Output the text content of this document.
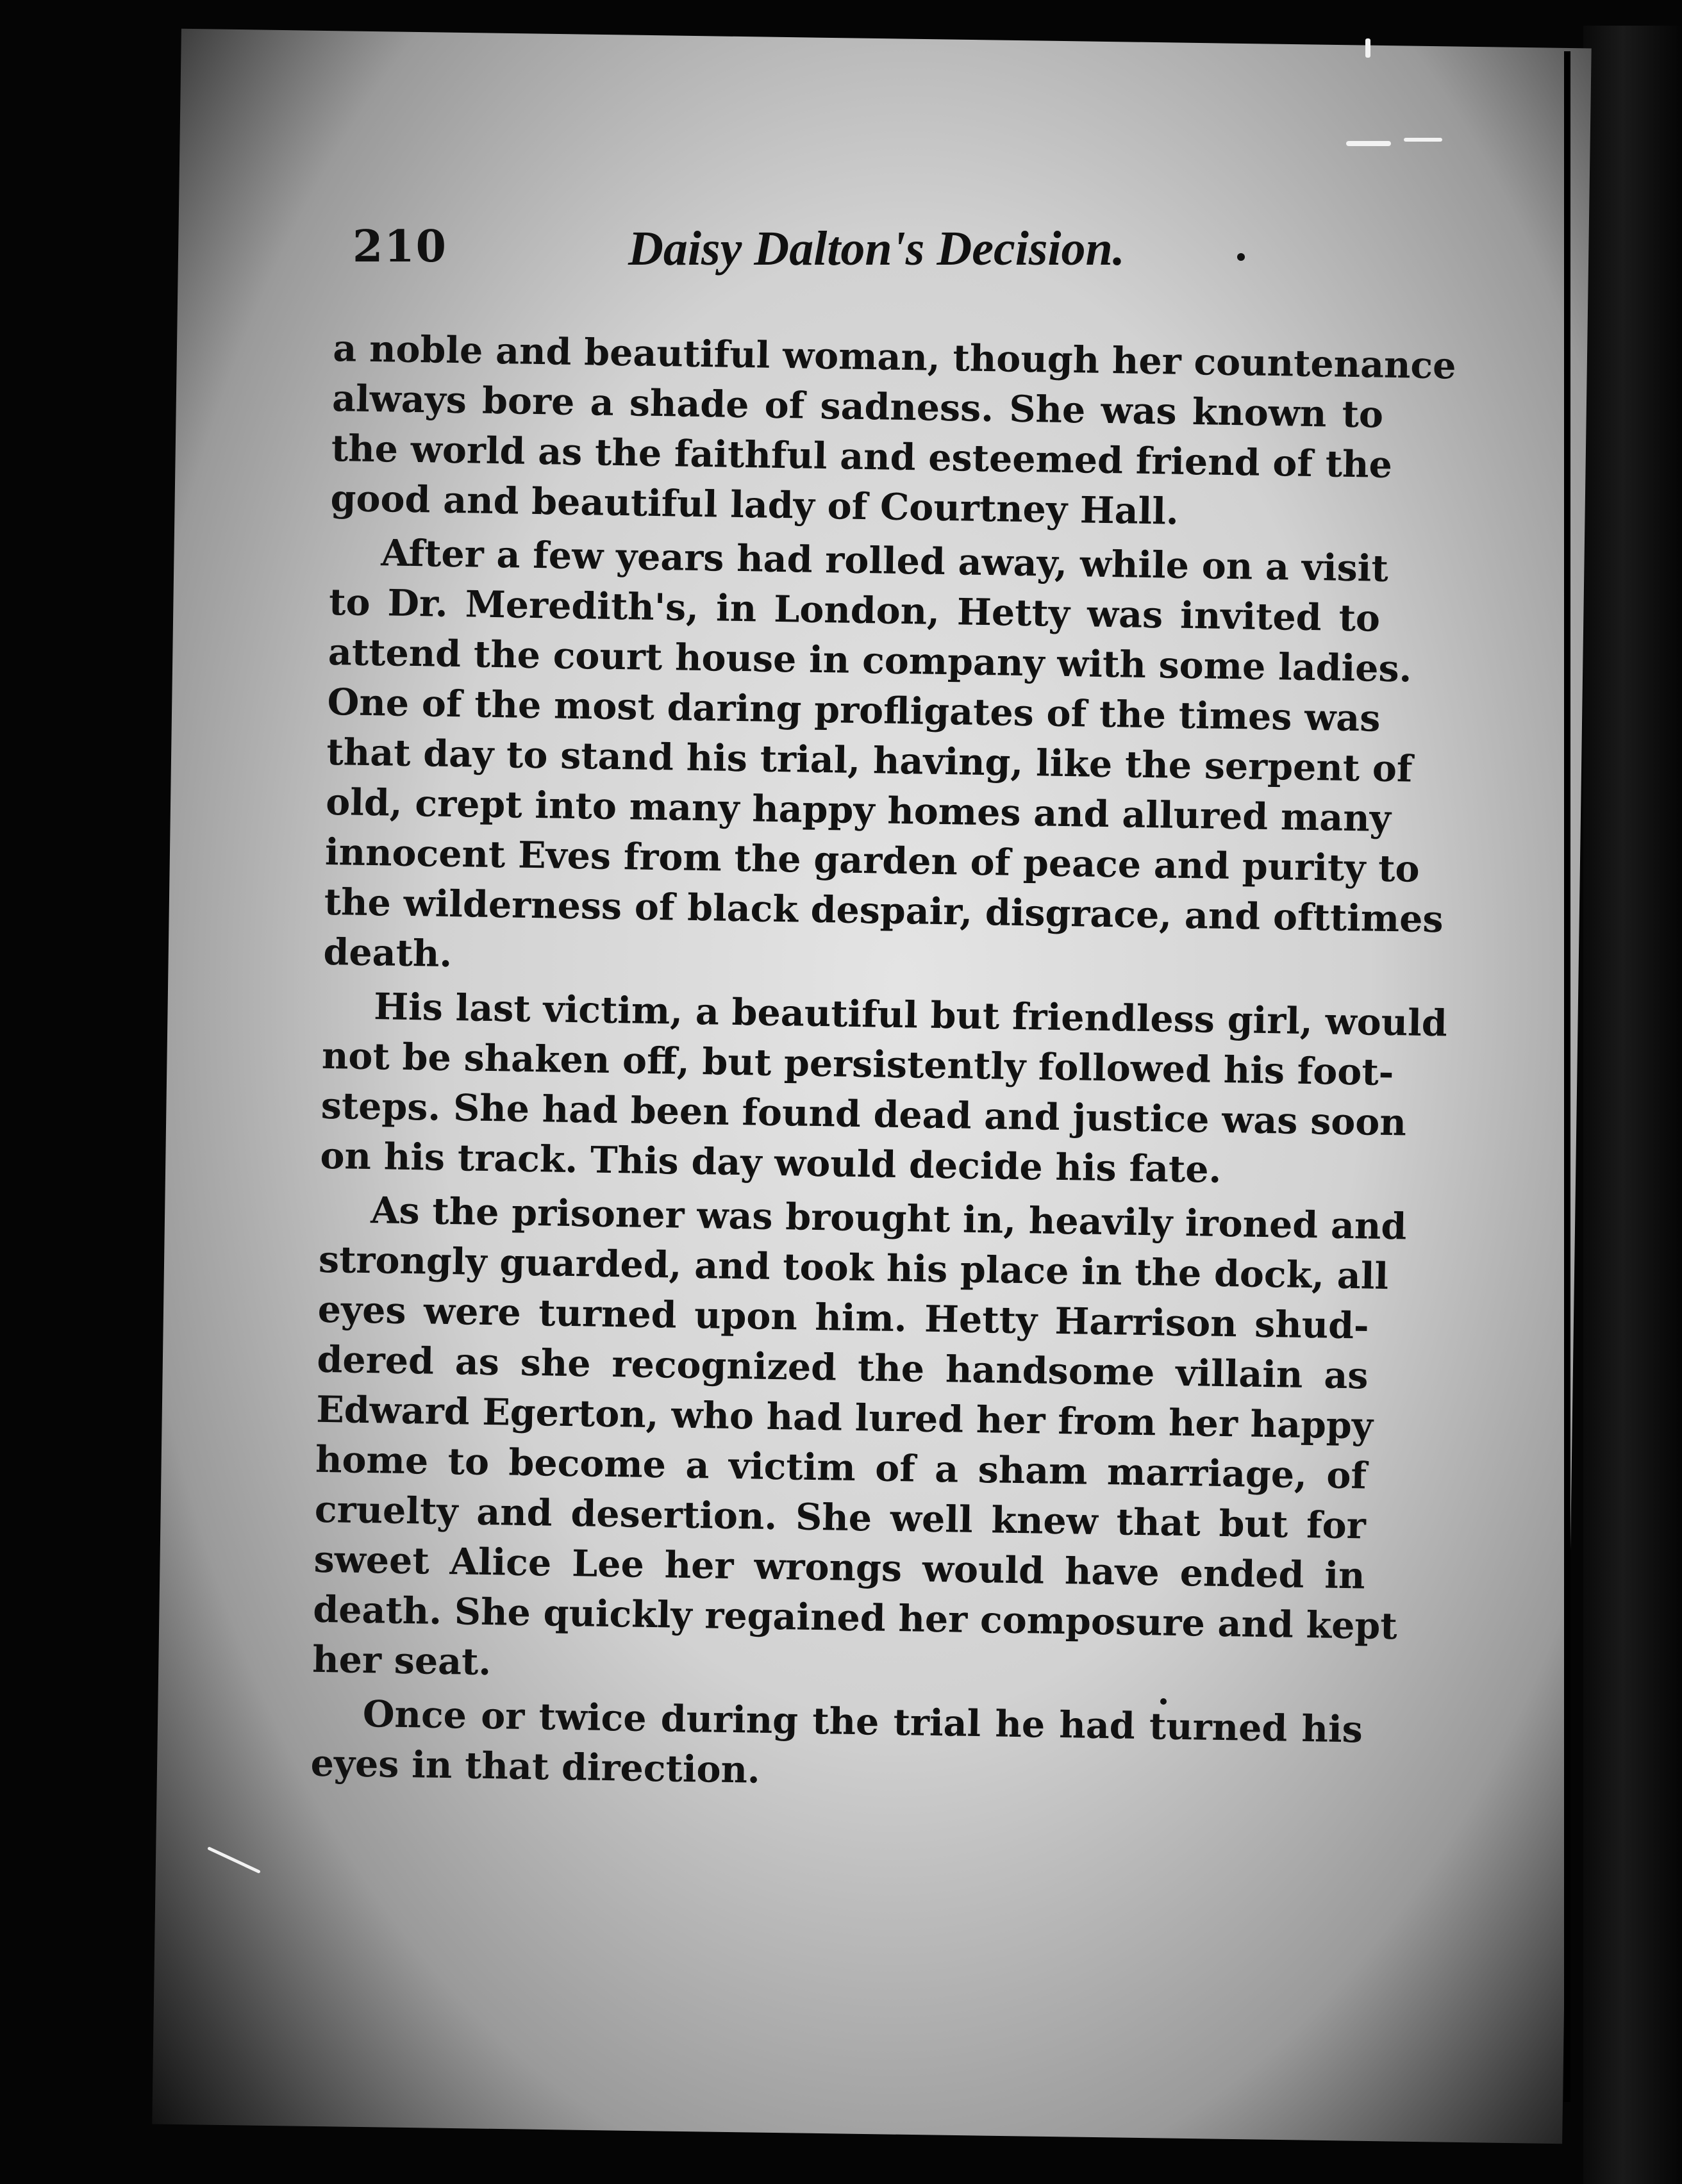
210	Daisy Dalton's Decision.
a noble and beautiful woman, though her countenance
always bore a shade of sadness. She was known to
the world as the faithful and esteemed friend of the
good and beautiful lady of Courtney Hall.
After a few years had rolled away, while on a visit
to Dr. Meredith's, in London, Hetty was invited to
attend the court house in company with some ladies.
One of the most daring profligates of the times was
that day to stand his trial, having, like the serpent of
old, crept into many happy homes and allured many
innocent Eves from the garden of peace and purity to
the wilderness of black despair, disgrace, and ofttimes
death.
His last victim, a beautiful but friendless girl, would
not be shaken off, but persistently followed his foot-
steps. She had been found dead and justice was soon
on his track. This day would decide his fate.
As the prisoner was brought in, heavily ironed and
strongly guarded, and took his place in the dock, all
eyes were turned upon him. Hetty Harrison shud-
dered as she recognized the handsome villain as
Edward Egerton, who had lured her from her happy
home to become a victim of a sham marriage, of
cruelty and desertion. She well knew that but for
sweet Alice Lee her wrongs would have ended in
death. She quickly regained her composure and kept
her seat.
Once or twice during the trial he had turned his
eyes in that direction.
